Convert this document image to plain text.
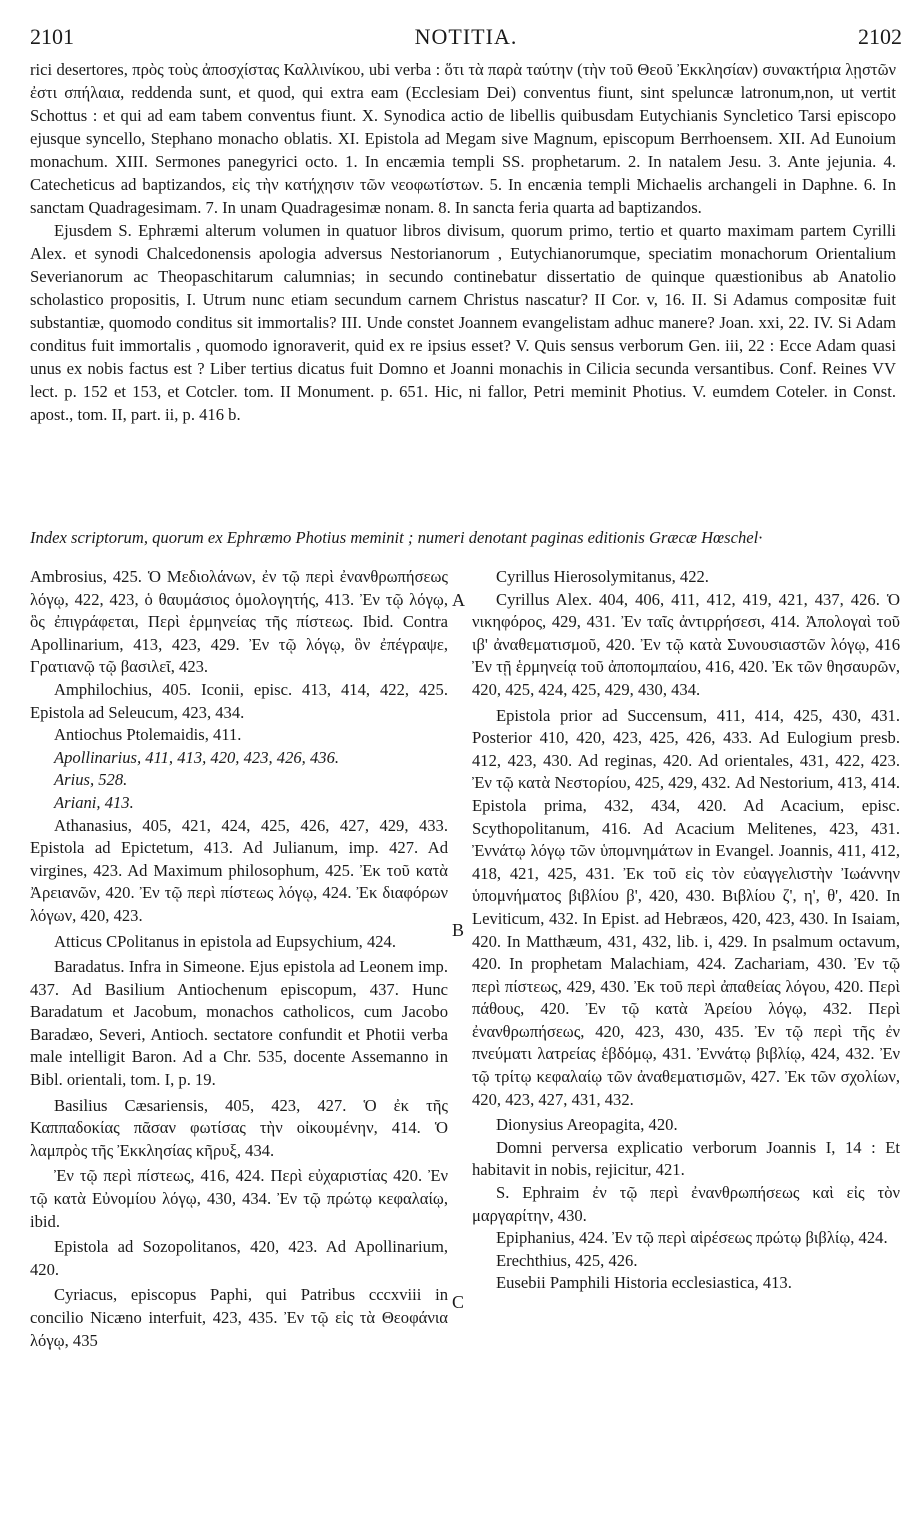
2101	NOTITIA.	2102

rici desertores, πρὸς τοὺς ἀποσχίστας Καλλινίκου, ubi verba : ὅτι τὰ παρὰ ταύτην (τὴν τοῦ Θεοῦ Ἐκκλησίαν) συνακτήρια λῃστῶν ἐστι σπήλαια, reddenda sunt, et quod, qui extra eam (Ecclesiam Dei) conventus fiunt, sint speluncæ latronum,non, ut vertit Schottus : et qui ad eam tabem conventus fiunt. X. Synodica actio de libellis quibusdam Eutychianis Syncletico Tarsi episcopo ejusque syncello, Stephano monacho oblatis. XI. Epistola ad Megam sive Magnum, episcopum Berrhoensem. XII. Ad Eunoium monachum. XIII. Sermones panegyrici octo. 1. In encæmia templi SS. prophetarum. 2. In natalem Jesu. 3. Ante jejunia. 4. Catecheticus ad baptizandos, εἰς τὴν κατήχησιν τῶν νεοφωτίστων. 5. In encænia templi Michaelis archangeli in Daphne. 6. In sanctam Quadragesimam. 7. In unam Quadragesimæ nonam. 8. In sancta feria quarta ad baptizandos.

Ejusdem S. Ephræmi alterum volumen in quatuor libros divisum, quorum primo, tertio et quarto maximam partem Cyrilli Alex. et synodi Chalcedonensis apologia adversus Nestorianorum , Eutychianorumque, speciatim monachorum Orientalium Severianorum ac Theopaschitarum calumnias; in secundo continebatur dissertatio de quinque quæstionibus ab Anatolio scholastico propositis, I. Utrum nunc etiam secundum carnem Christus nascatur? II Cor. v, 16. II. Si Adamus compositæ fuit substantiæ, quomodo conditus sit immortalis? III. Unde constet Joannem evangelistam adhuc manere? Joan. xxi, 22. IV. Si Adam conditus fuit immortalis , quomodo ignoraverit, quid ex re ipsius esset? V. Quis sensus verborum Gen. iii, 22 : Ecce Adam quasi unus ex nobis factus est ? Liber tertius dicatus fuit Domno et Joanni monachis in Cilicia secunda versantibus. Conf. Reines VV lect. p. 152 et 153, et Cotcler. tom. II Monument. p. 651. Hic, ni fallor, Petri meminit Photius. V. eumdem Coteler. in Const. apost., tom. II, part. ii, p. 416 b.

Index scriptorum, quorum ex Ephræmo Photius meminit ; numeri denotant paginas editionis Græcæ Hœschel·
A
B
C

Ambrosius, 425. Ὁ Μεδιολάνων, ἐν τῷ περὶ ἐνανθρωπήσεως λόγῳ, 422, 423, ὁ θαυμάσιος ὁμολογητής, 413. Ἐν τῷ λόγῳ, ὃς ἐπιγράφεται, Περὶ ἑρμηνείας τῆς πίστεως. Ibid. Contra Apollinarium, 413, 423, 429. Ἐν τῷ λόγῳ, ὃν ἐπέγραψε, Γρατιανῷ τῷ βασιλεῖ, 423.

Amphilochius, 405. Iconii, episc. 413, 414, 422, 425. Epistola ad Seleucum, 423, 434.

Antiochus Ptolemaidis, 411.

Apollinarius, 411, 413, 420, 423, 426, 436.

Arius, 528.

Ariani, 413.

Athanasius, 405, 421, 424, 425, 426, 427, 429, 433. Epistola ad Epictetum, 413. Ad Julianum, imp. 427. Ad virgines, 423. Ad Maximum philosophum, 425. Ἐκ τοῦ κατὰ Ἀρειανῶν, 420. Ἐν τῷ περὶ πίστεως λόγῳ, 424. Ἐκ διαφόρων λόγων, 420, 423.

Atticus CPolitanus in epistola ad Eupsychium, 424.

Baradatus. Infra in Simeone. Ejus epistola ad Leonem imp. 437. Ad Basilium Antiochenum episcopum, 437. Hunc Baradatum et Jacobum, monachos catholicos, cum Jacobo Baradæo, Severi, Antioch. sectatore confundit et Photii verba male intelligit Baron. Ad a Chr. 535, docente Assemanno in Bibl. orientali, tom. I, p. 19.

Basilius Cæsariensis, 405, 423, 427. Ὁ ἐκ τῆς Καππαδοκίας πᾶσαν φωτίσας τὴν οἰκουμένην, 414. Ὁ λαμπρὸς τῆς Ἐκκλησίας κῆρυξ, 434.

Ἐν τῷ περὶ πίστεως, 416, 424. Περὶ εὐχαριστίας 420. Ἐν τῷ κατὰ Εὐνομίου λόγῳ, 430, 434. Ἐν τῷ πρώτῳ κεφαλαίῳ, ibid.

Epistola ad Sozopolitanos, 420, 423. Ad Apollinarium, 420.

Cyriacus, episcopus Paphi, qui Patribus cccxviii in concilio Nicæno interfuit, 423, 435. Ἐν τῷ εἰς τὰ Θεοφάνια λόγῳ, 435

Cyrillus Hierosolymitanus, 422.

Cyrillus Alex. 404, 406, 411, 412, 419, 421, 437, 426. Ὁ νικηφόρος, 429, 431. Ἐν ταῖς ἀντιρρήσεσι, 414. Ἀπολογαὶ τοῦ ιβ' ἀναθεματισμοῦ, 420. Ἐν τῷ κατὰ Συνουσιαστῶν λόγῳ, 416 Ἐν τῇ ἑρμηνείᾳ τοῦ ἀποπομπαίου, 416, 420. Ἐκ τῶν θησαυρῶν, 420, 425, 424, 425, 429, 430, 434.

Epistola prior ad Succensum, 411, 414, 425, 430, 431. Posterior 410, 420, 423, 425, 426, 433. Ad Eulogium presb. 412, 423, 430. Ad reginas, 420. Ad orientales, 431, 422, 423. Ἐν τῷ κατὰ Νεστορίου, 425, 429, 432. Ad Nestorium, 413, 414. Epistola prima, 432, 434, 420. Ad Acacium, episc. Scythopolitanum, 416. Ad Acacium Melitenes, 423, 431. Ἐννάτῳ λόγῳ τῶν ὑπομνημάτων in Evangel. Joannis, 411, 412, 418, 421, 425, 431. Ἐκ τοῦ εἰς τὸν εὐαγγελιστὴν Ἰωάννην ὑπομνήματος βιβλίου β', 420, 430. Βιβλίου ζ', η', θ', 420. In Leviticum, 432. In Epist. ad Hebræos, 420, 423, 430. In Isaiam, 420. In Matthæum, 431, 432, lib. i, 429. In psalmum octavum, 420. In prophetam Malachiam, 424. Zachariam, 430. Ἐν τῷ περὶ πίστεως, 429, 430. Ἐκ τοῦ περὶ ἀπαθείας λόγου, 420. Περὶ πάθους, 420. Ἐν τῷ κατὰ Ἀρείου λόγῳ, 432. Περὶ ἐνανθρωπήσεως, 420, 423, 430, 435. Ἐν τῷ περὶ τῆς ἐν πνεύματι λατρείας ἑβδόμῳ, 431. Ἐννάτῳ βιβλίῳ, 424, 432. Ἐν τῷ τρίτῳ κεφαλαίῳ τῶν ἀναθεματισμῶν, 427. Ἐκ τῶν σχολίων, 420, 423, 427, 431, 432.

Dionysius Areopagita, 420.

Domni perversa explicatio verborum Joannis I, 14 : Et habitavit in nobis, rejicitur, 421.

S. Ephraim ἐν τῷ περὶ ἐνανθρωπήσεως καὶ εἰς τὸν μαργαρίτην, 430.

Epiphanius, 424. Ἐν τῷ περὶ αἱρέσεως πρώτῳ βιβλίῳ, 424.

Erechthius, 425, 426.

Eusebii Pamphili Historia ecclesiastica, 413.
